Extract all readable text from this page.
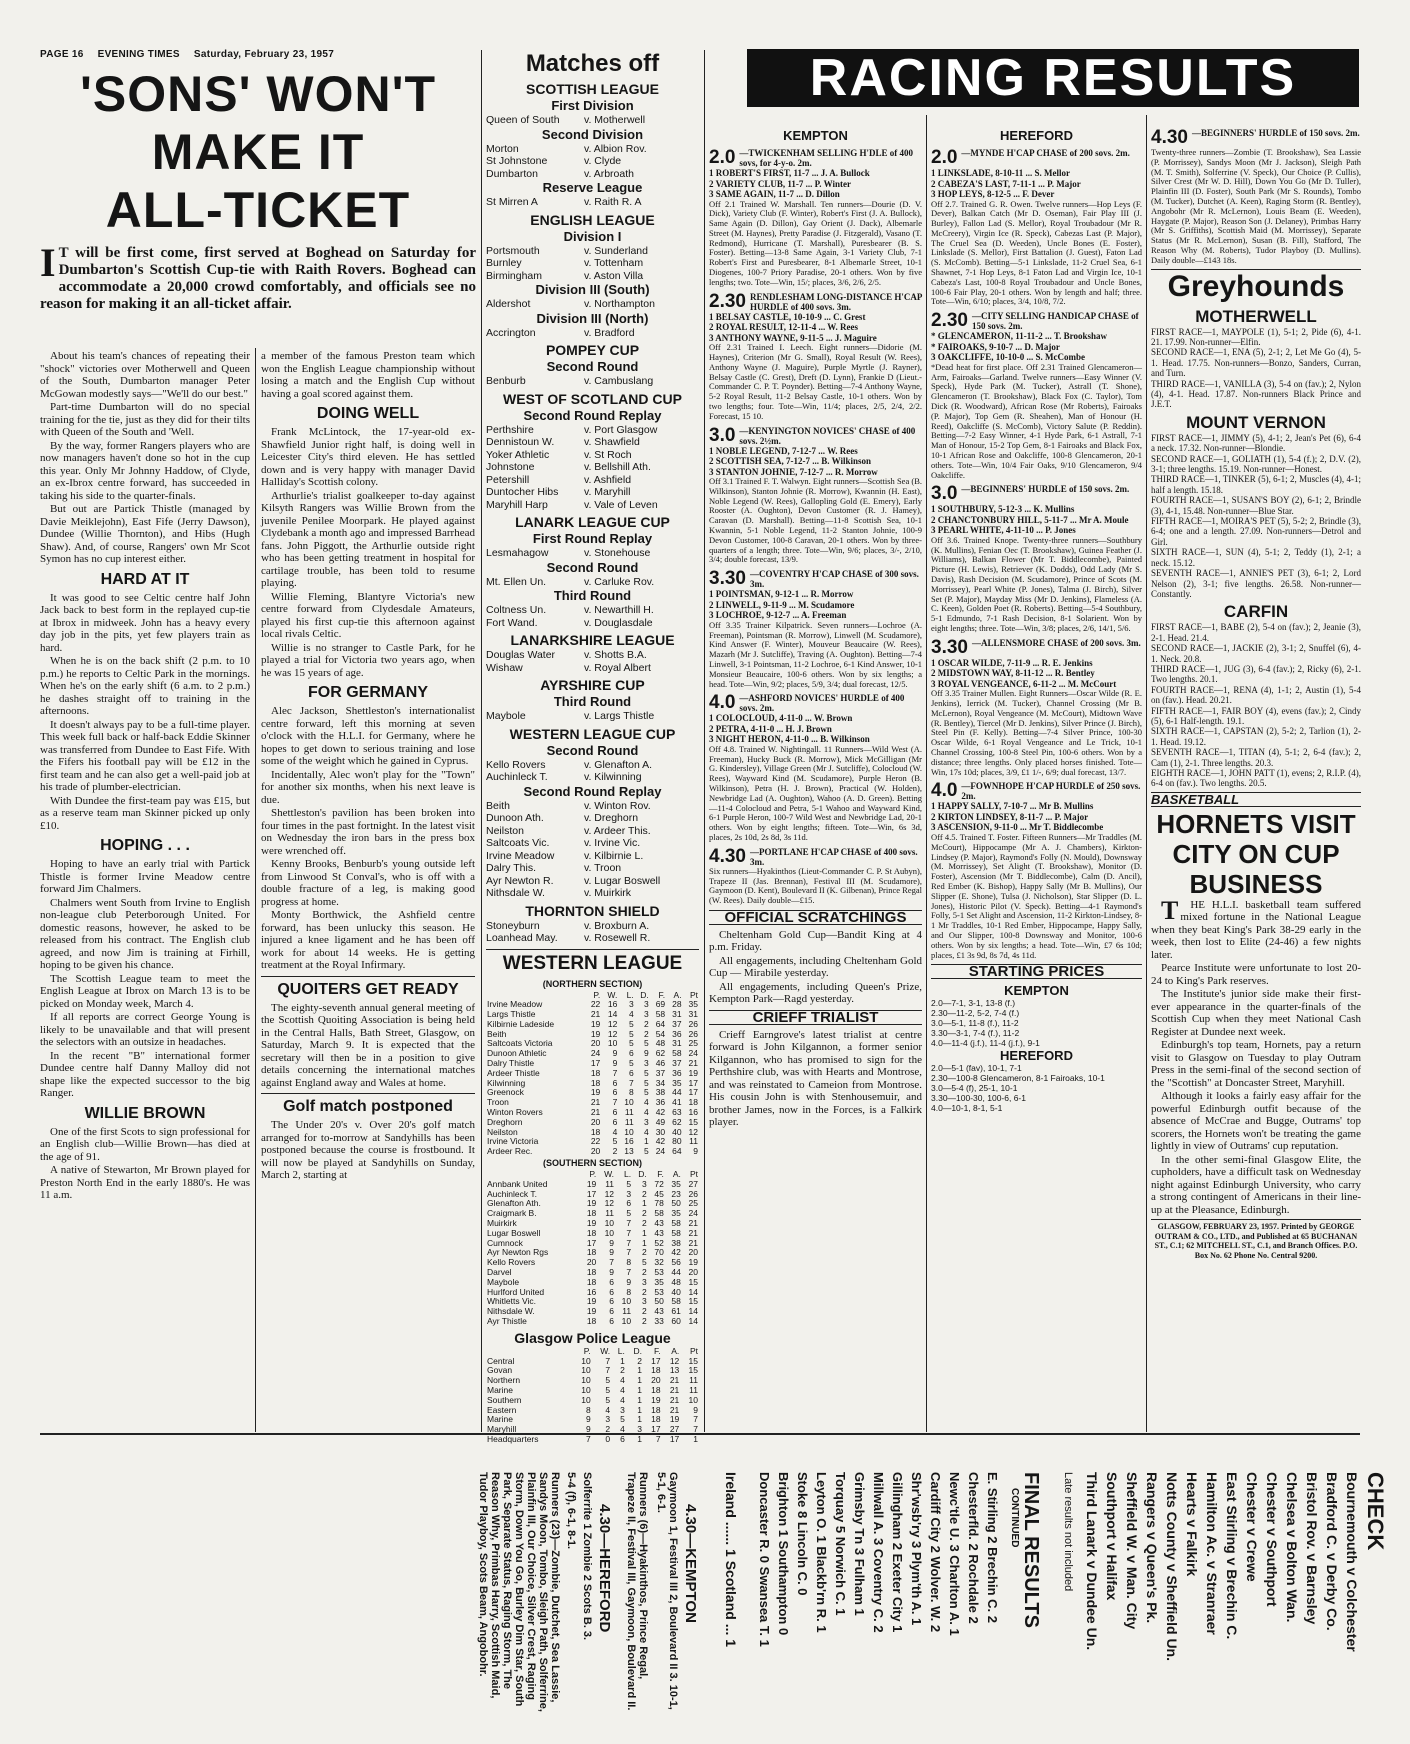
PAGE 16 EVENING TIMES Saturday, February 23, 1957
'SONS' WON'T
MAKE IT
ALL-TICKET
I T will be first come, first served at Boghead on Saturday for Dumbarton's Scottish Cup-tie with Raith Rovers. Boghead can accommodate a 20,000 crowd comfortably, and officials see no reason for making it an all-ticket affair.

About his team's chances of repeating their "shock" victories over Motherwell and Queen of the South, Dumbarton manager Peter McGowan modestly says—"We'll do our best."

Part-time Dumbarton will do no special training for the tie, just as they did for their tilts with Queen of the South and 'Well.

By the way, former Rangers players who are now managers haven't done so hot in the cup this year. Only Mr Johnny Haddow, of Clyde, an ex-Ibrox centre forward, has succeeded in taking his side to the quarter-finals.

But out are Partick Thistle (managed by Davie Meiklejohn), East Fife (Jerry Dawson), Dundee (Willie Thornton), and Hibs (Hugh Shaw). And, of course, Rangers' own Mr Scot Symon has no cup interest either.

HARD AT IT

It was good to see Celtic centre half John Jack back to best form in the replayed cup-tie at Ibrox in midweek. John has a heavy every day job in the pits, yet few players train as hard.

When he is on the back shift (2 p.m. to 10 p.m.) he reports to Celtic Park in the mornings. When he's on the early shift (6 a.m. to 2 p.m.) he dashes straight off to training in the afternoons.

It doesn't always pay to be a full-time player. This week full back or half-back Eddie Skinner was transferred from Dundee to East Fife. With the Fifers his football pay will be £12 in the first team and he can also get a well-paid job at his trade of plumber-electrician.

With Dundee the first-team pay was £15, but as a reserve team man Skinner picked up only £10.

HOPING . . .

Hoping to have an early trial with Partick Thistle is former Irvine Meadow centre forward Jim Chalmers.

Chalmers went South from Irvine to English non-league club Peterborough United. For domestic reasons, however, he asked to be released from his contract. The English club agreed, and now Jim is training at Firhill, hoping to be given his chance.

The Scottish League team to meet the English League at Ibrox on March 13 is to be picked on Monday week, March 4.

If all reports are correct George Young is likely to be unavailable and that will present the selectors with an outsize in headaches.

In the recent "B" international former Dundee centre half Danny Malloy did not shape like the expected successor to the big Ranger.

WILLIE BROWN

One of the first Scots to sign professional for an English club—Willie Brown—has died at the age of 91.

A native of Stewarton, Mr Brown played for Preston North End in the early 1880's. He was 11 a.m.

a member of the famous Preston team which won the English League championship without losing a match and the English Cup without having a goal scored against them.

DOING WELL

Frank McLintock, the 17-year-old ex-Shawfield Junior right half, is doing well in Leicester City's third eleven. He has settled down and is very happy with manager David Halliday's Scottish colony.

Arthurlie's trialist goalkeeper to-day against Kilsyth Rangers was Willie Brown from the juvenile Penilee Moorpark. He played against Clydebank a month ago and impressed Barrhead fans. John Piggott, the Arthurlie outside right who has been getting treatment in hospital for cartilage trouble, has been told to resume playing.

Willie Fleming, Blantyre Victoria's new centre forward from Clydesdale Amateurs, played his first cup-tie this afternoon against local rivals Celtic.

Willie is no stranger to Castle Park, for he played a trial for Victoria two years ago, when he was 15 years of age.

FOR GERMANY

Alec Jackson, Shettleston's internationalist centre forward, left this morning at seven o'clock with the H.L.I. for Germany, where he hopes to get down to serious training and lose some of the weight which he gained in Cyprus.

Incidentally, Alec won't play for the "Town" for another six months, when his next leave is due.

Shettleston's pavilion has been broken into four times in the past fortnight. In the latest visit on Wednesday the iron bars in the press box were wrenched off.

Kenny Brooks, Benburb's young outside left from Linwood St Conval's, who is off with a double fracture of a leg, is making good progress at home.

Monty Borthwick, the Ashfield centre forward, has been unlucky this season. He injured a knee ligament and he has been off work for about 14 weeks. He is getting treatment at the Royal Infirmary.

QUOITERS GET READY

The eighty-seventh annual general meeting of the Scottish Quoiting Association is being held in the Central Halls, Bath Street, Glasgow, on Saturday, March 9. It is expected that the secretary will then be in a position to give details concerning the international matches against England away and Wales at home.

Golf match postponed

The Under 20's v. Over 20's golf match arranged for to-morrow at Sandyhills has been postponed because the course is frostbound. It will now be played at Sandyhills on Sunday, March 2, starting at

Matches off
SCOTTISH LEAGUE
First Division
Queen of South	v. Motherwell
Second Division
Morton	v. Albion Rov.
St Johnstone	v. Clyde
Dumbarton	v. Arbroath
Reserve League
St Mirren A	v. Raith R. A
ENGLISH LEAGUE
Division I
Portsmouth	v. Sunderland
Burnley	v. Tottenham
Birmingham	v. Aston Villa
Division III (South)
Aldershot	v. Northampton
Division III (North)
Accrington	v. Bradford
POMPEY CUP
Second Round
Benburb	v. Cambuslang
WEST OF SCOTLAND CUP
Second Round Replay
Perthshire	v. Port Glasgow
Dennistoun W.	v. Shawfield
Yoker Athletic	v. St Roch
Johnstone	v. Bellshill Ath.
Petershill	v. Ashfield
Duntocher Hibs	v. Maryhill
Maryhill Harp	v. Vale of Leven
LANARK LEAGUE CUP
First Round Replay
Lesmahagow	v. Stonehouse
Second Round
Mt. Ellen Un.	v. Carluke Rov.
Third Round
Coltness Un.	v. Newarthill H.
Fort Wand.	v. Douglasdale
LANARKSHIRE LEAGUE
Douglas Water	v. Shotts B.A.
Wishaw	v. Royal Albert
AYRSHIRE CUP
Third Round
Maybole	v. Largs Thistle
WESTERN LEAGUE CUP
Second Round
Kello Rovers	v. Glenafton A.
Auchinleck T.	v. Kilwinning
Second Round Replay
Beith	v. Winton Rov.
Dunoon Ath.	v. Dreghorn
Neilston	v. Ardeer This.
Saltcoats Vic.	v. Irvine Vic.
Irvine Meadow	v. Kilbirnie L.
Dalry This.	v. Troon
Ayr Newton R.	v. Lugar Boswell
Nithsdale W.	v. Muirkirk
THORNTON SHIELD
Stoneyburn	v. Broxburn A.
Loanhead May.	v. Rosewell R.
WESTERN LEAGUE
(NORTHERN SECTION)
	P.	W.	L.	D.	F.	A.	Pt
Irvine Meadow	22	16	3	3	69	28	35
Largs Thistle	21	14	4	3	58	31	31
Kilbirnie Ladeside	19	12	5	2	64	37	26
Beith	19	12	5	2	54	36	26
Saltcoats Victoria	20	10	5	5	48	31	25
Dunoon Athletic	24	9	6	9	62	58	24
Dalry Thistle	17	9	5	3	46	37	21
Ardeer Thistle	18	7	6	5	37	36	19
Kilwinning	18	6	7	5	34	35	17
Greenock	19	6	8	5	38	44	17
Troon	21	7	10	4	36	41	18
Winton Rovers	21	6	11	4	42	63	16
Dreghorn	20	6	11	3	49	62	15
Neilston	18	4	10	4	30	40	12
Irvine Victoria	22	5	16	1	42	80	11
Ardeer Rec.	20	2	13	5	24	64	9
(SOUTHERN SECTION)
	P.	W.	L.	D.	F.	A.	Pt
Annbank United	19	11	5	3	72	35	27
Auchinleck T.	17	12	3	2	45	23	26
Glenafton Ath.	19	12	6	1	78	50	25
Craigmark B.	18	11	5	2	58	35	24
Muirkirk	19	10	7	2	43	58	21
Lugar Boswell	18	10	7	1	43	58	21
Cumnock	17	9	7	1	52	38	21
Ayr Newton Rgs	18	9	7	2	70	42	20
Kello Rovers	20	7	8	5	32	56	19
Darvel	18	9	7	2	53	44	20
Maybole	18	6	9	3	35	48	15
Hurlford United	16	6	8	2	53	40	14
Whitletts Vic.	19	6	10	3	50	58	15
Nithsdale W.	19	6	11	2	43	61	14
Ayr Thistle	18	6	10	2	33	60	14
Glasgow Police League
	P.	W.	L.	D.	F.	A.	Pt
Central	10	7	1	2	17	12	15
Govan	10	7	2	1	18	13	15
Northern	10	5	4	1	20	21	11
Marine	10	5	4	1	18	21	11
Southern	10	5	4	1	19	21	10
Eastern	8	4	3	1	18	21	9
Marine	9	3	5	1	18	19	7
Maryhill	9	2	4	3	17	27	7
Headquarters	7	0	6	1	7	17	1
RACING RESULTS
KEMPTON
2.0 —TWICKENHAM SELLING H'DLE of 400 sovs, for 4-y-o. 2m.
1 ROBERT'S FIRST, 11-7 ... J. A. Bullock
2 VARIETY CLUB, 11-7 ... P. Winter
3 SAME AGAIN, 11-7 ... D. Dillon
Off 2.1 Trained W. Marshall. Ten runners—Dourie (D. V. Dick), Variety Club (F. Winter), Robert's First (J. A. Bullock), Same Again (D. Dillon), Gay Orient (J. Dack), Albemarle Street (M. Haynes), Pretty Paradise (J. Fitzgerald), Vasano (T. Redmond), Hurricane (T. Marshall), Puresbearer (B. S. Foster). Betting—13-8 Same Again, 3-1 Variety Club, 7-1 Robert's First and Puresbearer, 8-1 Albemarle Street, 10-1 Diogenes, 100-7 Priory Paradise, 20-1 others. Won by five lengths; two. Tote—Win, 15/; places, 3/6, 2/6, 2/5.
2.30 RENDLESHAM LONG-DISTANCE H'CAP HURDLE of 400 sovs. 3m.
1 BELSAY CASTLE, 10-10-9 ... C. Grest
2 ROYAL RESULT, 12-11-4 ... W. Rees
3 ANTHONY WAYNE, 9-11-5 ... J. Maguire
Off 2.31 Trained I. Leech. Eight runners—Didorie (M. Haynes), Criterion (Mr G. Small), Royal Result (W. Rees), Anthony Wayne (J. Maguire), Purple Myrtle (J. Rayner), Belsay Castle (C. Grest), Dreft (D. Lynn), Frankie D (Lieut.-Commander C. P. T. Poynder). Betting—7-4 Anthony Wayne, 5-2 Royal Result, 11-2 Belsay Castle, 10-1 others. Won by two lengths; four. Tote—Win, 11/4; places, 2/5, 2/4, 2/2. Forecast, 15 10.
3.0 —KENYINGTON NOVICES' CHASE of 400 sovs. 2½m.
1 NOBLE LEGEND, 7-12-7 ... W. Rees
2 SCOTTISH SEA, 7-12-7 ... B. Wilkinson
3 STANTON JOHNIE, 7-12-7 ... R. Morrow
Off 3.1 Trained F. T. Walwyn. Eight runners—Scottish Sea (B. Wilkinson), Stanton Johnie (R. Morrow), Kwannin (H. East), Noble Legend (W. Rees), Gallopling Gold (E. Emery), Early Rooster (A. Oughton), Devon Customer (R. J. Hamey), Caravan (D. Marshall). Betting—11-8 Scottish Sea, 10-1 Kwannin, 5-1 Noble Legend, 11-2 Stanton Johnie, 100-9 Devon Customer, 100-8 Caravan, 20-1 others. Won by three-quarters of a length; three. Tote—Win, 9/6; places, 3/-, 2/10, 3/4; double forecast, 13/9.
3.30 —COVENTRY H'CAP CHASE of 300 sovs. 3m.
1 POINTSMAN, 9-12-1 ... R. Morrow
2 LINWELL, 9-11-9 ... M. Scudamore
3 LOCHROE, 9-12-7 ... A. Freeman
Off 3.35 Trainer Kilpatrick. Seven runners—Lochroe (A. Freeman), Pointsman (R. Morrow), Linwell (M. Scudamore), Kind Answer (F. Winter), Mouveur Beaucaire (W. Rees), Mazarh (Mr J. Sutcliffe), Traving (A. Oughton). Betting—7-4 Linwell, 3-1 Pointsman, 11-2 Lochroe, 6-1 Kind Answer, 10-1 Monsieur Beaucaire, 100-6 others. Won by six lengths; a head. Tote—Win, 9/2; places, 5/9, 3/4; dual forecast, 12/5.
4.0 —ASHFORD NOVICES' HURDLE of 400 sovs. 2m.
1 COLOCLOUD, 4-11-0 ... W. Brown
2 PETRA, 4-11-0 ... H. J. Brown
3 NIGHT HERON, 4-11-0 ... B. Wilkinson
Off 4.8. Trained W. Nightingall. 11 Runners—Wild West (A. Freeman), Hucky Buck (R. Morrow), Mick McGilligan (Mr G. Kindersley), Village Green (Mr J. Sutcliffe), Colocloud (W. Rees), Wayward Kind (M. Scudamore), Purple Heron (B. Wilkinson), Petra (H. J. Brown), Practical (W. Holden), Newbridge Lad (A. Oughton), Wahoo (A. D. Green). Betting—11-4 Colocloud and Petra, 5-1 Wahoo and Wayward Kind, 6-1 Purple Heron, 100-7 Wild West and Newbridge Lad, 20-1 others. Won by eight lengths; fifteen. Tote—Win, 6s 3d, places, 2s 10d, 2s 8d, 3s 11d.
4.30 —PORTLANE H'CAP CHASE of 400 sovs. 3m.
Six runners—Hyakinthos (Lieut-Commander C. P. St Aubyn), Trapeze II (Jas. Brennan), Festival III (M. Scudamore), Gaymoon (D. Kent), Boulevard II (K. Gilbenan), Prince Regal (W. Rees). Daily double—£15.
OFFICIAL SCRATCHINGS

Cheltenham Gold Cup—Bandit King at 4 p.m. Friday.

All engagements, including Cheltenham Gold Cup — Mirabile yesterday.

All engagements, including Queen's Prize, Kempton Park—Ragd yesterday.

CRIEFF TRIALIST

Crieff Earngrove's latest trialist at centre forward is John Kilgannon, a former senior Kilgannon, who has promised to sign for the Perthshire club, was with Hearts and Montrose, and was reinstated to Cameion from Montrose. His cousin John is with Stenhousemuir, and brother James, now in the Forces, is a Falkirk player.

HEREFORD
2.0 —MYNDE H'CAP CHASE of 200 sovs. 2m.
1 LINKSLADE, 8-10-11 ... S. Mellor
2 CABEZA'S LAST, 7-11-1 ... P. Major
3 HOP LEYS, 8-12-5 ... F. Dever
Off 2.7. Trained G. R. Owen. Twelve runners—Hop Leys (F. Dever), Balkan Catch (Mr D. Oseman), Fair Play III (J. Burley), Fallon Lad (S. Mellor), Royal Troubadour (Mr R. McCreery), Virgin Ice (R. Speck), Cabezas Last (P. Major), The Cruel Sea (D. Weeden), Uncle Bones (E. Foster), Linkslade (S. Mellor), First Battalion (J. Guest), Faton Lad (S. McComb). Betting—5-1 Linkslade, 11-2 Cruel Sea, 6-1 Shawnet, 7-1 Hop Leys, 8-1 Faton Lad and Virgin Ice, 10-1 Cabeza's Last, 100-8 Royal Troubadour and Uncle Bones, 100-6 Fair Play, 20-1 others. Won by length and half; three. Tote—Win, 6/10; places, 3/4, 10/8, 7/2.
2.30 —CITY SELLING HANDICAP CHASE of 150 sovs. 2m.
* GLENCAMERON, 11-11-2 ... T. Brookshaw
* FAIROAKS, 9-10-7 ... D. Major
3 OAKCLIFFE, 10-10-0 ... S. McCombe
*Dead heat for first place. Off 2.31 Trained Glencameron—Arm, Fairoaks—Garland. Twelve runners—Easy Winner (V. Speck), Hyde Park (M. Tucker), Astrall (T. Shone), Glencameron (T. Brookshaw), Black Fox (C. Taylor), Tom Dick (R. Woodward), African Rose (Mr Roberts), Fairoaks (P. Major), Top Gem (R. Sheahen), Man of Honour (H. Reed), Oakcliffe (S. McComb), Victory Salute (P. Reddin). Betting—7-2 Easy Winner, 4-1 Hyde Park, 6-1 Astrall, 7-1 Man of Honour, 15-2 Top Gem, 8-1 Fairoaks and Black Fox, 10-1 African Rose and Oakcliffe, 100-8 Glencameron, 20-1 others. Tote—Win, 10/4 Fair Oaks, 9/10 Glencameron, 9/4 Oakcliffe.
3.0 —BEGINNERS' HURDLE of 150 sovs. 2m.
1 SOUTHBURY, 5-12-3 ... K. Mullins
2 CHANCTONBURY HILL, 5-11-7 ... Mr A. Moule
3 PEARL WHITE, 4-11-10 ... P. Jones
Off 3.6. Trained Knope. Twenty-three runners—Southbury (K. Mullins), Fenian Oec (T. Brookshaw), Guinea Feather (J. Williams), Balkan Flower (Mr T. Biddlecombe), Painted Picture (H. Lewis), Retriever (K. Dodds), Odd Lady (Mr S. Davis), Rash Decision (M. Scudamore), Prince of Scots (M. Morrissey), Pearl White (P. Jones), Talma (J. Birch), Silver Set (P. Major), Mayday Miss (Mr D. Jenkins), Flameless (A. C. Keen), Golden Poet (R. Roberts). Betting—5-4 Southbury, 5-1 Edmundo, 7-1 Rash Decision, 8-1 Solarient. Won by eight lengths; three. Tote—Win, 3/8; places, 2/6, 14/1, 5/6.
3.30 —ALLENSMORE CHASE of 200 sovs. 3m.
1 OSCAR WILDE, 7-11-9 ... R. E. Jenkins
2 MIDSTOWN WAY, 8-11-12 ... R. Bentley
3 ROYAL VENGEANCE, 6-11-2 ... M. McCourt
Off 3.35 Trainer Mullen. Eight Runners—Oscar Wilde (R. E. Jenkins), Ierrick (M. Tucker), Channel Crossing (Mr B. McLernon), Royal Vengeance (M. McCourt), Midtown Wave (R. Bentley), Tiercel (Mr D. Jenkins), Silver Prince (J. Birch), Steel Pin (F. Kelly). Betting—7-4 Silver Prince, 100-30 Oscar Wilde, 6-1 Royal Vengeance and Le Trick, 10-1 Channel Crossing, 100-8 Steel Pin, 100-6 others. Won by a distance; three lengths. Only placed horses finished. Tote—Win, 17s 10d; places, 3/9, £1 1/-, 6/9; dual forecast, 13/7.
4.0 —FOWNHOPE H'CAP HURDLE of 250 sovs. 2m.
1 HAPPY SALLY, 7-10-7 ... Mr B. Mullins
2 KIRTON LINDSEY, 8-11-7 ... P. Major
3 ASCENSION, 9-11-0 ... Mr T. Biddlecombe
Off 4.5. Trained T. Foster. Fifteen Runners—Mr Traddles (M. McCourt), Hippocampe (Mr A. J. Chambers), Kirkton-Lindsey (P. Major), Raymond's Folly (N. Mould), Downsway (M. Morrissey), Set Alight (T. Brookshaw), Monitor (D. Foster), Ascension (Mr T. Biddlecombe), Calm (D. Ancil), Red Ember (K. Bishop), Happy Sally (Mr B. Mullins), Our Slipper (E. Shone), Tulsa (J. Nicholson), Star Slipper (D. L. Jones), Historic Pilot (V. Speck). Betting—4-1 Raymond's Folly, 5-1 Set Alight and Ascension, 11-2 Kirkton-Lindsey, 8-1 Mr Traddles, 10-1 Red Ember, Hippocampe, Happy Sally, and Our Slipper, 100-8 Downsway and Monitor, 100-6 others. Won by six lengths; a head. Tote—Win, £7 6s 10d; places, £1 3s 9d, 8s 7d, 4s 11d.
STARTING PRICES
KEMPTON
2.0—7-1, 3-1, 13-8 (f.)
2.30—11-2, 5-2, 7-4 (f.)
3.0—5-1, 11-8 (f.), 11-2
3.30—3-1, 7-4 (f.), 11-2
4.0—11-4 (j.f.), 11-4 (j.f.), 9-1
HEREFORD
2.0—5-1 (fav), 10-1, 7-1
2.30—100-8 Glencameron, 8-1 Fairoaks, 10-1
3.0—5-4 (f), 25-1, 10-1
3.30—100-30, 100-6, 6-1
4.0—10-1, 8-1, 5-1
4.30 —BEGINNERS' HURDLE of 150 sovs. 2m.
Twenty-three runners—Zombie (T. Brookshaw), Sea Lassie (P. Morrissey), Sandys Moon (Mr J. Jackson), Sleigh Path (M. T. Smith), Solferrine (V. Speck), Our Choice (P. Cullis), Silver Crest (Mr W. D. Hill), Down You Go (Mr D. Tuller), Plainfin III (D. Foster), South Park (Mr S. Rounds), Tombo (M. Tucker), Dutchet (A. Keen), Raging Storm (R. Bentley), Angobohr (Mr R. McLernon), Louis Beam (E. Weeden), Haygate (P. Major), Reason Son (J. Delaney), Primbas Harry (Mr S. Griffiths), Scottish Maid (M. Morrissey), Separate Status (Mr R. McLernon), Susan (B. Fill), Stafford, The Reason Why (M. Roberts), Tudor Playboy (D. Mullins). Daily double—£143 18s.
Greyhounds
MOTHERWELL

FIRST RACE—1, MAYPOLE (1), 5-1; 2, Pide (6), 4-1. 21. 17.99. Non-runner—Elfin.

SECOND RACE—1, ENA (5), 2-1; 2, Let Me Go (4), 5-1. Head. 17.75. Non-runners—Bonzo, Sanders, Curran, and Turn.

THIRD RACE—1, VANILLA (3), 5-4 on (fav.); 2, Nylon (4), 4-1. Head. 17.87. Non-runners Black Prince and J.E.T.

MOUNT VERNON

FIRST RACE—1, JIMMY (5), 4-1; 2, Jean's Pet (6), 6-4 a neck. 17.32. Non-runner—Blondie.

SECOND RACE—1, GOLIATH (1), 5-4 (f.); 2, D.V. (2), 3-1; three lengths. 15.19. Non-runner—Honest.

THIRD RACE—1, TINKER (5), 6-1; 2, Muscles (4), 4-1; half a length. 15.18.

FOURTH RACE—1, SUSAN'S BOY (2), 6-1; 2, Brindle (3), 4-1, 15.48. Non-runner—Blue Star.

FIFTH RACE—1, MOIRA'S PET (5), 5-2; 2, Brindle (3), 6-4; one and a length. 27.09. Non-runners—Detrol and Girl.

SIXTH RACE—1, SUN (4), 5-1; 2, Teddy (1), 2-1; a neck. 15.12.

SEVENTH RACE—1, ANNIE'S PET (3), 6-1; 2, Lord Nelson (2), 3-1; five lengths. 26.58. Non-runner—Constantly.

CARFIN

FIRST RACE—1, BABE (2), 5-4 on (fav.); 2, Jeanie (3), 2-1. Head. 21.4.

SECOND RACE—1, JACKIE (2), 3-1; 2, Snuffel (6), 4-1. Neck. 20.8.

THIRD RACE—1, JUG (3), 6-4 (fav.); 2, Ricky (6), 2-1. Two lengths. 20.1.

FOURTH RACE—1, RENA (4), 1-1; 2, Austin (1), 5-4 on (fav.). Head. 20.21.

FIFTH RACE—1, FAIR BOY (4), evens (fav.); 2, Cindy (5), 6-1 Half-length. 19.1.

SIXTH RACE—1, CAPSTAN (2), 5-2; 2, Tarlion (1), 2-1. Head. 19.12.

SEVENTH RACE—1, TITAN (4), 5-1; 2, 6-4 (fav.); 2, Cam (1), 2-1. Three lengths. 20.3.

EIGHTH RACE—1, JOHN PATT (1), evens; 2, R.I.P. (4), 6-4 on (fav.). Two lengths. 20.5.

BASKETBALL
HORNETS VISIT
CITY ON CUP
BUSINESS

T HE H.L.I. basketball team suffered mixed fortune in the National League when they beat King's Park 38-29 early in the week, then lost to Elite (24-46) a few nights later.

Pearce Institute were unfortunate to lost 20-24 to King's Park reserves.

The Institute's junior side make their first-ever appearance in the quarter-finals of the Scottish Cup when they meet National Cash Register at Dundee next week.

Edinburgh's top team, Hornets, pay a return visit to Glasgow on Tuesday to play Outram Press in the semi-final of the second section of the "Scottish" at Doncaster Street, Maryhill.

Although it looks a fairly easy affair for the powerful Edinburgh outfit because of the absence of McCrae and Bugge, Outrams' top scorers, the Hornets won't be treating the game lightly in view of Outrams' cup reputation.

In the other semi-final Glasgow Elite, the cupholders, have a difficult task on Wednesday night against Edinburgh University, who carry a strong contingent of Americans in their line-up at the Pleasance, Edinburgh.

GLASGOW, FEBRUARY 23, 1957. Printed by GEORGE OUTRAM & CO., LTD., and Published at 65 BUCHANAN ST., C.1; 62 MITCHELL ST., C.1, and Branch Offices. P.O. Box No. 62 Phone No. Central 9200.
CHECK
Bournemouth v Colchester
Bradford C. v Derby Co.
Bristol Rov. v Barnsley
Chelsea v Bolton Wan.
Chester v Southport
Chester v Crewe
East Stirling v Brechin C.
Hamilton Ac. v Stranraer
Hearts v Falkirk
Notts County v Sheffield Un.
Rangers v Queen's Pk.
Sheffield W. v Man. City
Southport v Halifax
Third Lanark v Dundee Un.
Late results not included
FINAL RESULTS
CONTINUED
E. Stirling 2 Brechin C. 2
Chesterfld. 2 Rochdale 2
Newc'tle U. 3 Charlton A. 1
Cardiff City 2 Wolver. W. 2
Shr'wsb'ry 3 Plym'th A. 1
Gillingham 2 Exeter City 1
Millwall A. 3 Coventry C. 2
Grimsby Tn 3 Fulham 1
Torquay 5 Norwich C. 1
Leyton O. 1 Blackb'rn R. 1
Stoke 8 Lincoln C. 0
Brighton 1 Southampton 0
Doncaster R. 0 Swansea T. 1
Ireland ...... 1 Scotland ... 1
4.30—KEMPTON
Gaymoon 1, Festival III 2, Boulevard II 3. 10-1, 5-1, 6-1.
Runners (6)—Hyakinthos, Prince Regal, Trapeze II, Festival III, Gaymoon, Boulevard II.
4.30—HEREFORD
Solferrite 1 Zombie 2 Scots B. 3.
5-4 (f), 6-1, 8-1.
Runners (23)—Zombie, Dutchet, Sea Lassie, Sandys Moon, Tombo, Sleigh Path, Solferrine, Plainfin III, Our Choice, Silver Crest, Raging Storm, Down You Go, Burley Dim Star, South Park, Separate Status, Raging Storm, The Reason Why, Primbas Harry, Scottish Maid, Tudor Playboy, Scots Beam, Angobohr.
